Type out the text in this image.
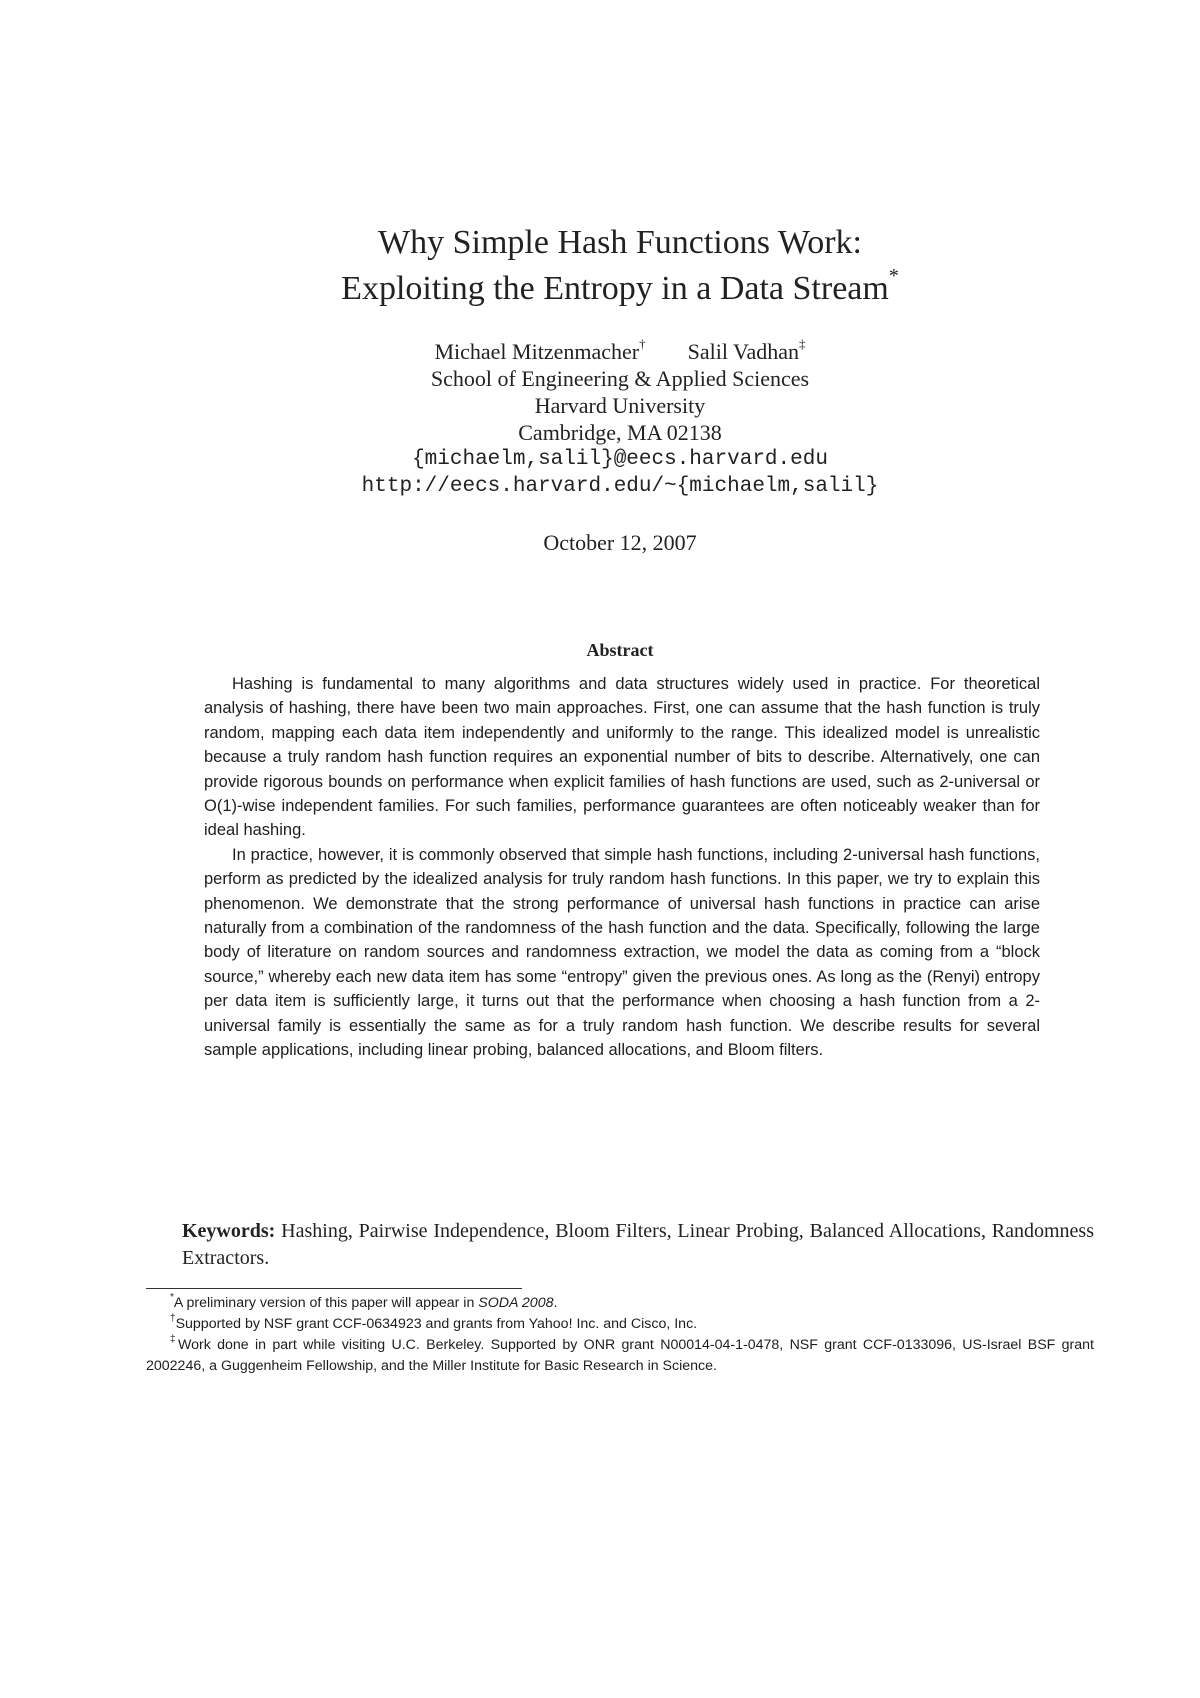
Why Simple Hash Functions Work:
Exploiting the Entropy in a Data Stream*
Michael Mitzenmacher† Salil Vadhan‡
School of Engineering & Applied Sciences
Harvard University
Cambridge, MA 02138
{michaelm,salil}@eecs.harvard.edu
http://eecs.harvard.edu/~{michaelm,salil}
October 12, 2007
Abstract

Hashing is fundamental to many algorithms and data structures widely used in practice. For theoretical analysis of hashing, there have been two main approaches. First, one can assume that the hash function is truly random, mapping each data item independently and uniformly to the range. This idealized model is unrealistic because a truly random hash function requires an exponential number of bits to describe. Alternatively, one can provide rigorous bounds on performance when explicit families of hash functions are used, such as 2-universal or O(1)-wise independent families. For such families, performance guarantees are often noticeably weaker than for ideal hashing.

In practice, however, it is commonly observed that simple hash functions, including 2-universal hash functions, perform as predicted by the idealized analysis for truly random hash functions. In this paper, we try to explain this phenomenon. We demonstrate that the strong performance of universal hash functions in practice can arise naturally from a combination of the randomness of the hash function and the data. Specifically, following the large body of literature on random sources and randomness extraction, we model the data as coming from a “block source,” whereby each new data item has some “entropy” given the previous ones. As long as the (Renyi) entropy per data item is sufficiently large, it turns out that the performance when choosing a hash function from a 2-universal family is essentially the same as for a truly random hash function. We describe results for several sample applications, including linear probing, balanced allocations, and Bloom filters.

Keywords: Hashing, Pairwise Independence, Bloom Filters, Linear Probing, Balanced Allocations, Randomness Extractors.

*A preliminary version of this paper will appear in SODA 2008.

†Supported by NSF grant CCF-0634923 and grants from Yahoo! Inc. and Cisco, Inc.

‡Work done in part while visiting U.C. Berkeley. Supported by ONR grant N00014-04-1-0478, NSF grant CCF-0133096, US-Israel BSF grant 2002246, a Guggenheim Fellowship, and the Miller Institute for Basic Research in Science.
